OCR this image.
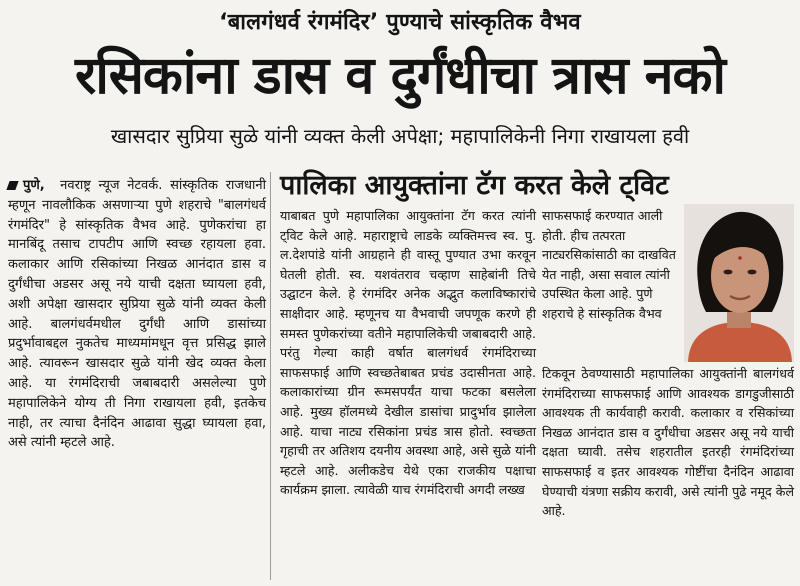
‘बालगंधर्व रंगमंदिर’ पुण्याचे सांस्कृतिक वैभव
रसिकांना डास व दुर्गंधीचा त्रास नको
खासदार सुप्रिया सुळे यांनी व्यक्त केली अपेक्षा; महापालिकेनी निगा राखायला हवी

पुणे, नवराष्ट्र न्यूज नेटवर्क. सांस्कृतिक राजधानी म्हणून नावलौकिक असणाऱ्या पुणे शहराचे "बालगंधर्व रंगमंदिर" हे सांस्कृतिक वैभव आहे. पुणेकरांचा हा मानबिंदू तसाच टापटीप आणि स्वच्छ रहायला हवा. कलाकार आणि रसिकांच्या निखळ आनंदात डास व दुर्गंधीचा अडसर असू नये याची दक्षता घ्यायला हवी, अशी अपेक्षा खासदार सुप्रिया सुळे यांनी व्यक्त केली आहे. बालगंधर्वमधील दुर्गंधी आणि डासांच्या प्रदुर्भावाबद्दल नुकतेच माध्यमांमधून वृत्त प्रसिद्ध झाले आहे. त्यावरून खासदार सुळे यांनी खेद व्यक्त केला आहे. या रंगमंदिराची जबाबदारी असलेल्या पुणे महापालिकेने योग्य ती निगा राखायला हवी, इतकेच नाही, तर त्याचा दैनंदिन आढावा सुद्धा घ्यायला हवा, असे त्यांनी म्हटले आहे.

पालिका आयुक्तांना टॅग करत केले ट्विट

याबाबत पुणे महापालिका आयुक्तांना टॅग करत त्यांनी ट्विट केले आहे. महाराष्ट्राचे लाडके व्यक्तिमत्त्व स्व. पु. ल.देशपांडे यांनी आग्रहाने ही वास्तू पुण्यात उभा करवून घेतली होती. स्व. यशवंतराव चव्हाण साहेबांनी तिचे उद्घाटन केले. हे रंगमंदिर अनेक अद्भुत कलाविष्कारांचे साक्षीदार आहे. म्हणूनच या वैभवाची जपणूक करणे ही समस्त पुणेकरांच्या वतीने महापालिकेची जबाबदारी आहे. परंतु गेल्या काही वर्षात बालगंधर्व रंगमंदिराच्या साफसफाई आणि स्वच्छतेबाबत प्रचंड उदासीनता आहे. कलाकारांच्या ग्रीन रूमसपर्यंत याचा फटका बसलेला आहे. मुख्य हॉलमध्ये देखील डासांचा प्रादुर्भाव झालेला आहे. याचा नाट्य रसिकांना प्रचंड त्रास होतो. स्वच्छता गृहाची तर अतिशय दयनीय अवस्था आहे, असे सुळे यांनी म्हटले आहे. अलीकडेच येथे एका राजकीय पक्षाचा कार्यक्रम झाला. त्यावेळी याच रंगमंदिराची अगदी लख्ख

साफसफाई करण्यात आली होती. हीच तत्परता नाट्यरसिकांसाठी का दाखवित येत नाही, असा सवाल त्यांनी उपस्थित केला आहे. पुणे शहराचे हे सांस्कृतिक वैभव

टिकवून ठेवण्यासाठी महापालिका आयुक्तांनी बालगंधर्व रंगमंदिराच्या साफसफाई आणि आवश्यक डागडुजीसाठी आवश्यक ती कार्यवाही करावी. कलाकार व रसिकांच्या निखळ आनंदात डास व दुर्गंधीचा अडसर असू नये याची दक्षता घ्यावी. तसेच शहरातील इतरही रंगमंदिरांच्या साफसफाई व इतर आवश्यक गोष्टींचा दैनंदिन आढावा घेण्याची यंत्रणा सक्रीय करावी, असे त्यांनी पुढे नमूद केले आहे.
